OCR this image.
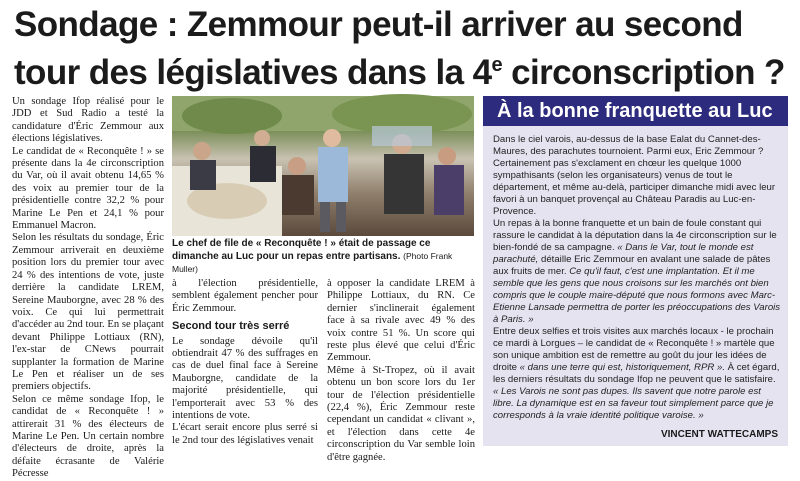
Sondage : Zemmour peut-il arriver au second
tour des législatives dans la 4e circonscription ?

Un sondage Ifop réalisé pour le JDD et Sud Radio a testé la candidature d'Éric Zemmour aux élections législatives.

Le candidat de « Reconquête ! » se présente dans la 4e circonscription du Var, où il avait obtenu 14,65 % des voix au premier tour de la présidentielle contre 32,2 % pour Marine Le Pen et 24,1 % pour Emmanuel Macron.

Selon les résultats du sondage, Éric Zemmour arriverait en deuxième position lors du premier tour avec 24 % des intentions de vote, juste derrière la candidate LREM, Sereine Mauborgne, avec 28 % des voix. Ce qui lui permettrait d'accéder au 2nd tour. En se plaçant devant Philippe Lottiaux (RN), l'ex-star de CNews pourrait supplanter la formation de Marine Le Pen et réaliser un de ses premiers objectifs.

Selon ce même sondage Ifop, le candidat de « Reconquête ! » attirerait 31 % des électeurs de Marine Le Pen. Un certain nombre d'électeurs de droite, après la défaite écrasante de Valérie Pécresse

Le chef de file de « Reconquête ! » était de passage ce dimanche au Luc pour un repas entre partisans. (Photo Frank Muller)

à l'élection présidentielle, semblent également pencher pour Éric Zemmour.

Second tour très serré

Le sondage dévoile qu'il obtiendrait 47 % des suffrages en cas de duel final face à Sereine Mauborgne, candidate de la majorité présidentielle, qui l'emporterait avec 53 % des intentions de vote.

L'écart serait encore plus serré si le 2nd tour des législatives venait

à opposer la candidate LREM à Philippe Lottiaux, du RN. Ce dernier s'inclinerait également face à sa rivale avec 49 % des voix contre 51 %. Un score qui reste plus élevé que celui d'Éric Zemmour.

Même à St-Tropez, où il avait obtenu un bon score lors du 1er tour de l'élection présidentielle (22,4 %), Éric Zemmour reste cependant un candidat « clivant », et l'élection dans cette 4e circonscription du Var semble loin d'être gagnée.

À la bonne franquette au Luc

Dans le ciel varois, au-dessus de la base Ealat du Cannet-des-Maures, des parachutes tournoient. Parmi eux, Eric Zemmour ? Certainement pas s'exclament en chœur les quelque 1000 sympathisants (selon les organisateurs) venus de tout le département, et même au-delà, participer dimanche midi avec leur favori à un banquet provençal au Château Paradis au Luc-en-Provence.

Un repas à la bonne franquette et un bain de foule constant qui rassure le candidat à la députation dans la 4e circonscription sur le bien-fondé de sa campagne. « Dans le Var, tout le monde est parachuté, détaille Eric Zemmour en avalant une salade de pâtes aux fruits de mer. Ce qu'il faut, c'est une implantation. Et il me semble que les gens que nous croisons sur les marchés ont bien compris que le couple maire-député que nous formons avec Marc-Etienne Lansade permettra de porter les préoccupations des Varois à Paris. »

Entre deux selfies et trois visites aux marchés locaux - le prochain ce mardi à Lorgues – le candidat de « Reconquête ! » martèle que son unique ambition est de remettre au goût du jour les idées de droite « dans une terre qui est, historiquement, RPR ». À cet égard, les derniers résultats du sondage Ifop ne peuvent que le satisfaire. « Les Varois ne sont pas dupes. Ils savent que notre parole est libre. La dynamique est en sa faveur tout simplement parce que je corresponds à la vraie identité politique varoise. »

VINCENT WATTECAMPS
